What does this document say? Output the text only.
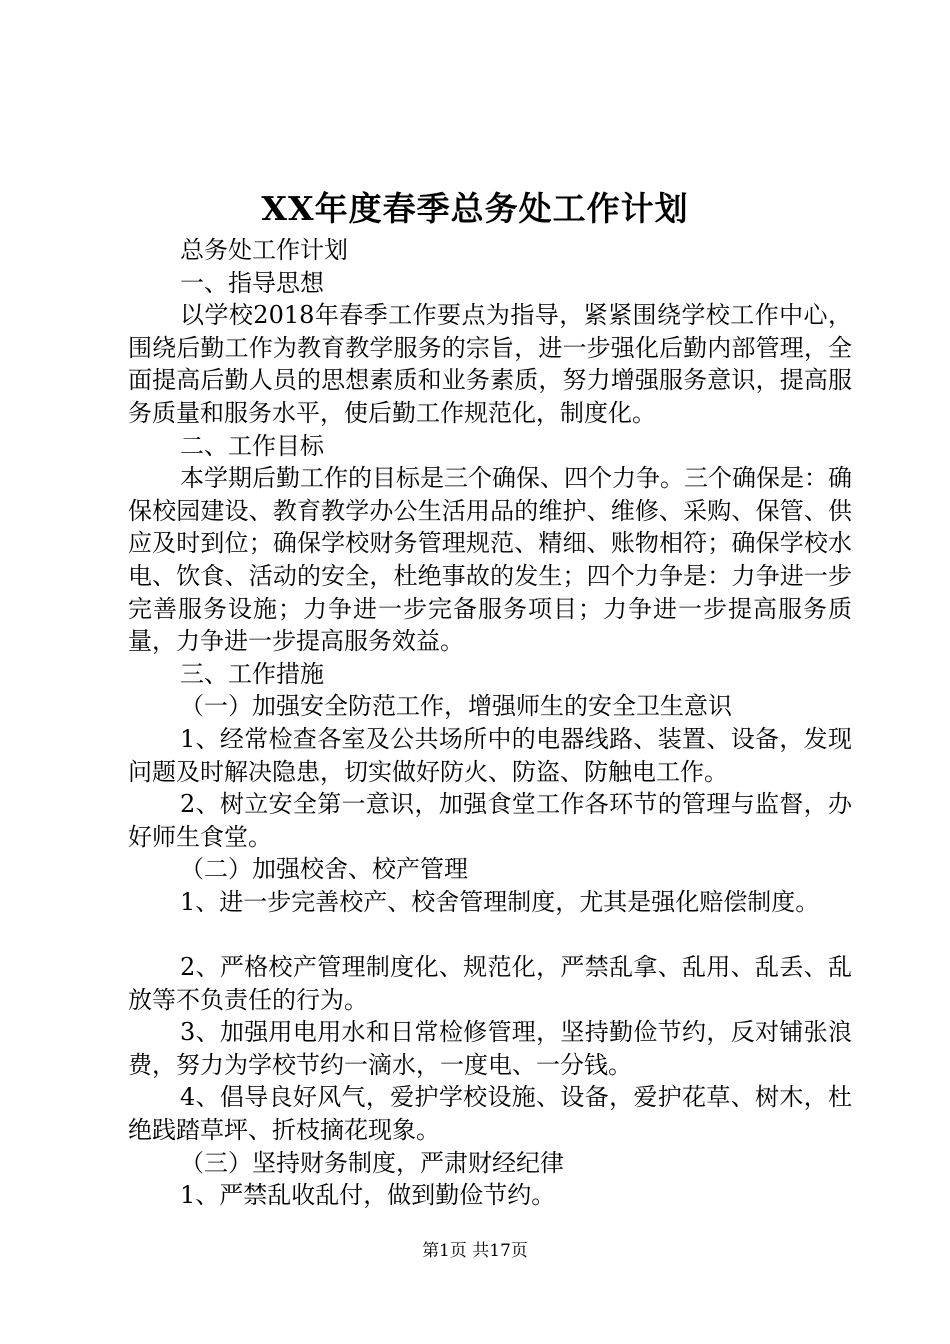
XX年度春季总务处工作计划

总务处工作计划

一、指导思想

以学校2018年春季工作要点为指导，紧紧围绕学校工作中心，围绕后勤工作为教育教学服务的宗旨，进一步强化后勤内部管理，全面提高后勤人员的思想素质和业务素质，努力增强服务意识，提高服务质量和服务水平，使后勤工作规范化，制度化。

二、工作目标

本学期后勤工作的目标是三个确保、四个力争。三个确保是：确保校园建设、教育教学办公生活用品的维护、维修、采购、保管、供应及时到位；确保学校财务管理规范、精细、账物相符；确保学校水电、饮食、活动的安全，杜绝事故的发生；四个力争是：力争进一步完善服务设施；力争进一步完备服务项目；力争进一步提高服务质量，力争进一步提高服务效益。

三、工作措施

（一）加强安全防范工作，增强师生的安全卫生意识

1、经常检查各室及公共场所中的电器线路、装置、设备，发现问题及时解决隐患，切实做好防火、防盗、防触电工作。

2、树立安全第一意识，加强食堂工作各环节的管理与监督，办好师生食堂。

（二）加强校舍、校产管理

1、进一步完善校产、校舍管理制度，尤其是强化赔偿制度。

2、严格校产管理制度化、规范化，严禁乱拿、乱用、乱丢、乱放等不负责任的行为。

3、加强用电用水和日常检修管理，坚持勤俭节约，反对铺张浪费，努力为学校节约一滴水，一度电、一分钱。

4、倡导良好风气，爱护学校设施、设备，爱护花草、树木，杜绝践踏草坪、折枝摘花现象。

（三）坚持财务制度，严肃财经纪律

1、严禁乱收乱付，做到勤俭节约。

第1页 共17页
